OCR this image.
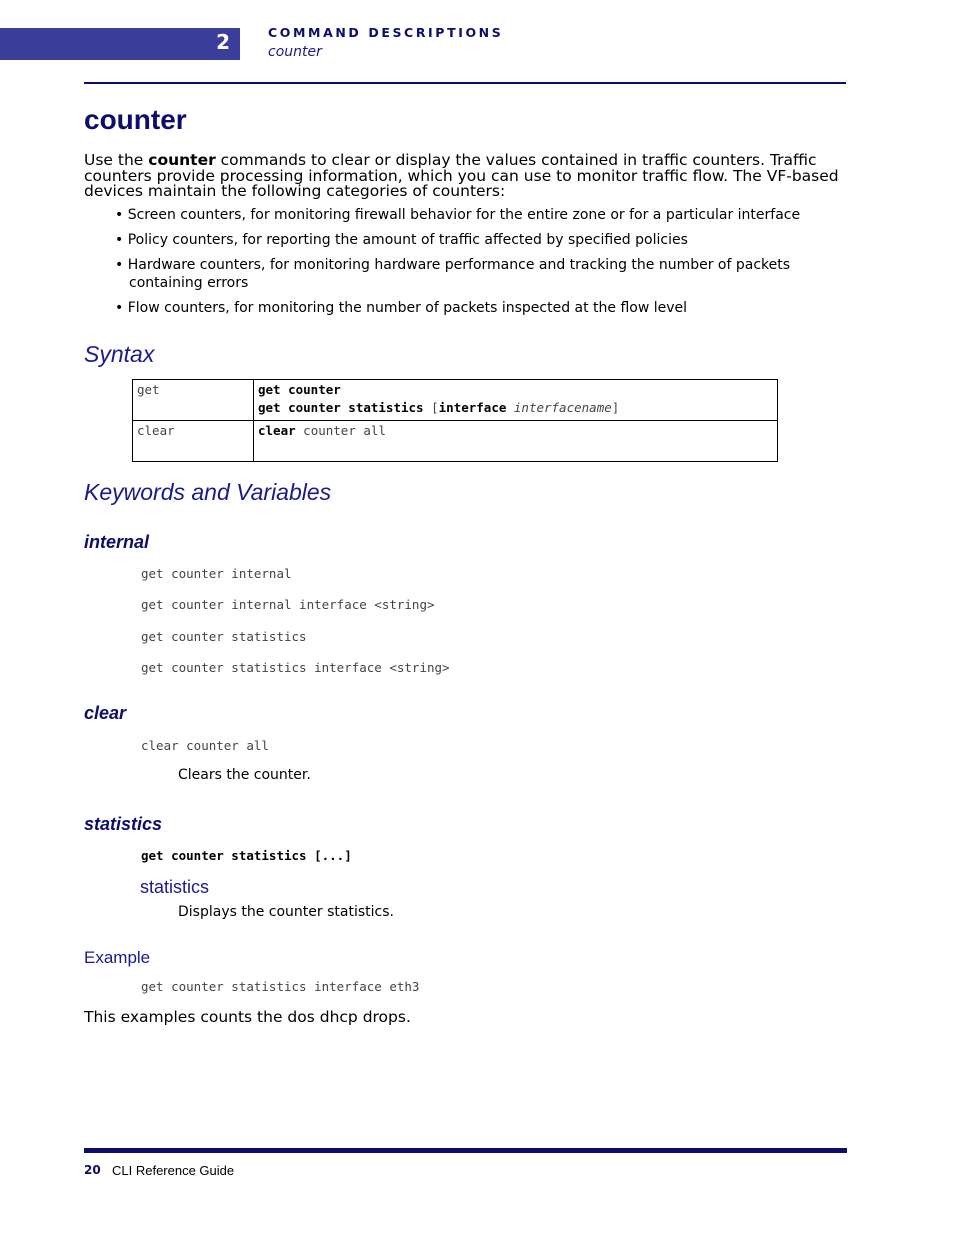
2	COMMAND DESCRIPTIONS
counter
counter

Use the counter commands to clear or display the values contained in traffic counters. Traffic counters provide processing information, which you can use to monitor traffic flow. The VF-based devices maintain the following categories of counters:

• Screen counters, for monitoring firewall behavior for the entire zone or for a particular interface
• Policy counters, for reporting the amount of traffic affected by specified policies
• Hardware counters, for monitoring hardware performance and tracking the number of packets
containing errors
• Flow counters, for monitoring the number of packets inspected at the flow level
Syntax
get	get counter
get counter statistics [interface interfacename]

clear	clear counter all
Keywords and Variables
internal
get counter internal
get counter internal interface <string>
get counter statistics
get counter statistics interface <string>
clear
clear counter all
Clears the counter.
statistics
get counter statistics [...]
statistics
Displays the counter statistics.
Example
get counter statistics interface eth3
This examples counts the dos dhcp drops.
20 CLI Reference Guide
